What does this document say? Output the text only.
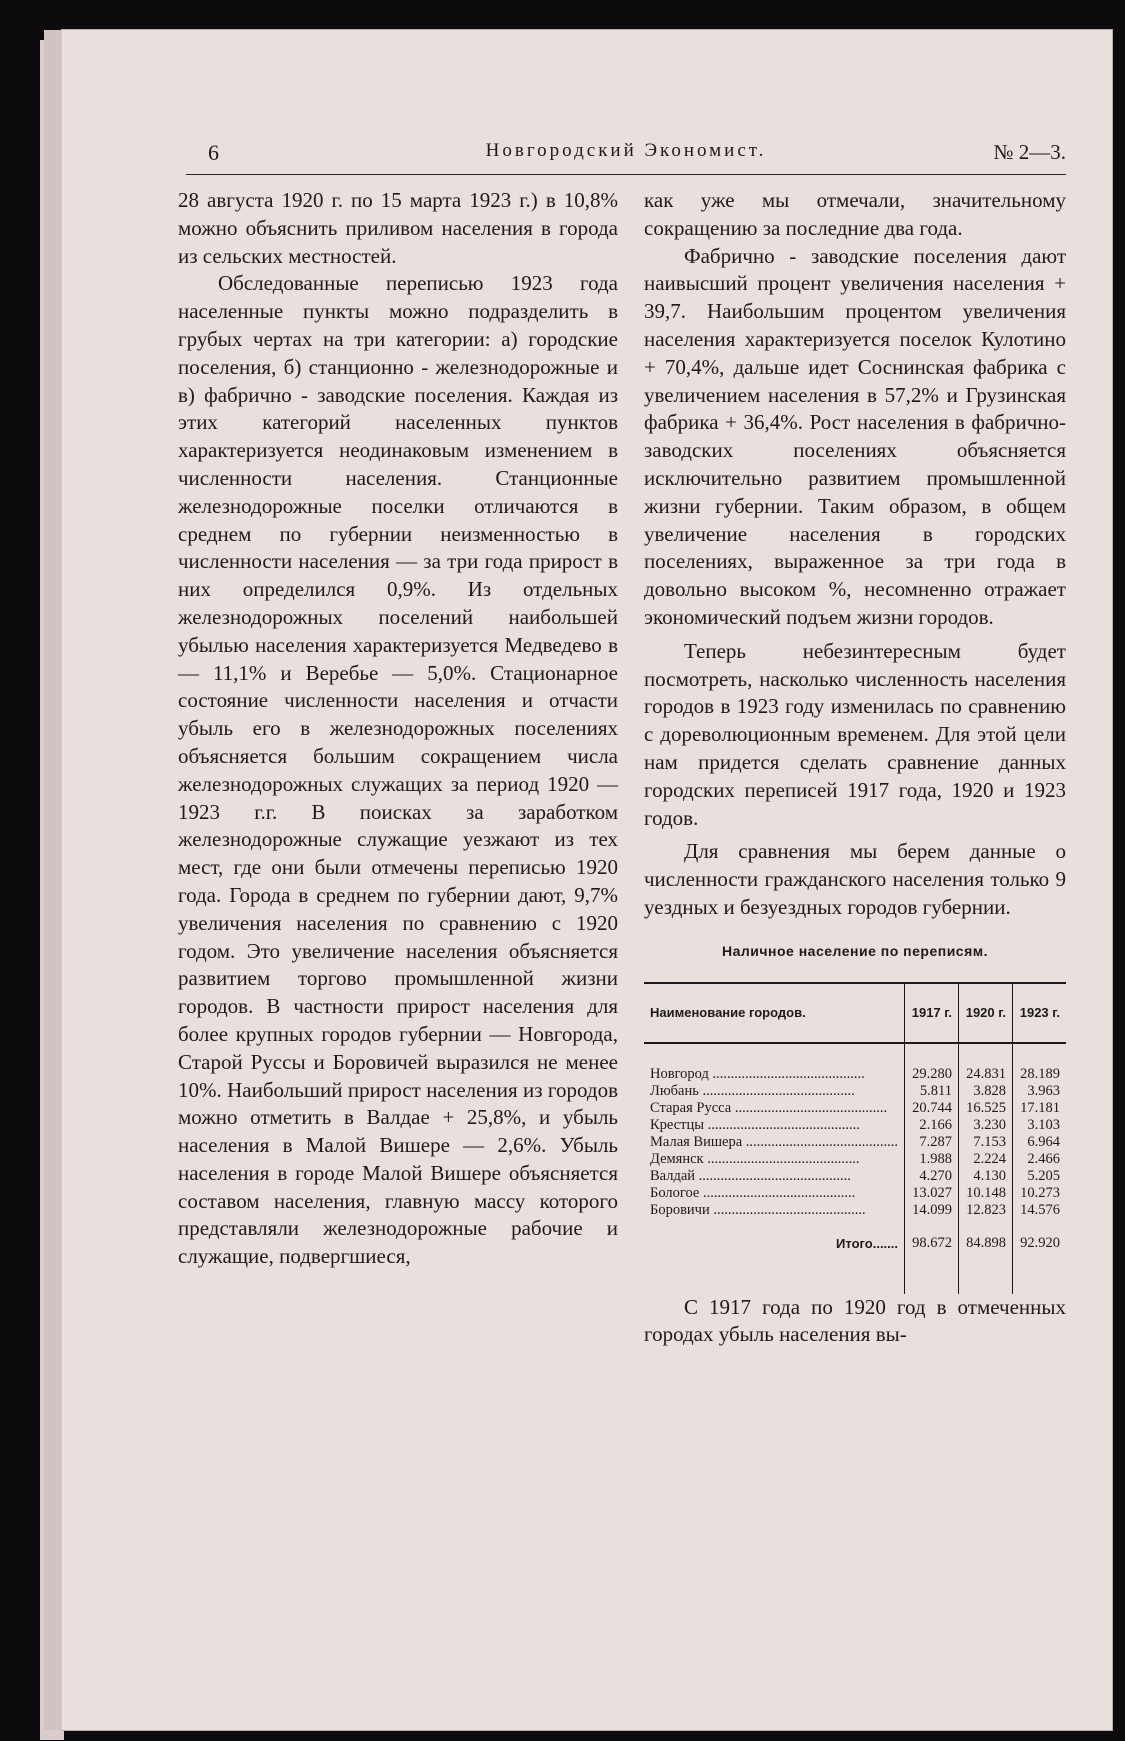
6	Новгородский Экономист.	№ 2—3.

28 августа 1920 г. по 15 марта 1923 г.) в 10,8% можно объяснить приливом населения в города из сельских местностей.

Обследованные переписью 1923 года населенные пункты можно подразделить в грубых чертах на три категории: а) городские поселения, б) станционно - железнодорожные и в) фабрично - заводские поселения. Каждая из этих категорий населенных пунктов характеризуется неодинаковым изменением в численности населения. Станционные железнодорожные поселки отличаются в среднем по губернии неизменностью в численности населения — за три года прирост в них определился 0,9%. Из отдельных железнодорожных поселений наибольшей убылью населения характеризуется Медведево в — 11,1% и Веребье — 5,0%. Стационарное состояние численности населения и отчасти убыль его в железнодорожных поселениях объясняется большим сокращением числа железнодорожных служащих за период 1920 — 1923 г.г. В поисках за заработком железнодорожные служащие уезжают из тех мест, где они были отмечены переписью 1920 года. Города в среднем по губернии дают, 9,7% увеличения населения по сравнению с 1920 годом. Это увеличение населения объясняется развитием торгово промышленной жизни городов. В частности прирост населения для более крупных городов губернии — Новгорода, Старой Руссы и Боровичей выразился не менее 10%. Наибольший прирост населения из городов можно отметить в Валдае + 25,8%, и убыль населения в Малой Вишере — 2,6%. Убыль населения в городе Малой Вишере объясняется составом населения, главную массу которого представляли железнодорожные рабочие и служащие, подвергшиеся,

как уже мы отмечали, значительному сокращению за последние два года.

Фабрично - заводские поселения дают наивысший процент увеличения населения + 39,7. Наибольшим процентом увеличения населения характеризуется поселок Кулотино + 70,4%, дальше идет Соснинская фабрика с увеличением населения в 57,2% и Грузинская фабрика + 36,4%. Рост населения в фабрично-заводских поселениях объясняется исключительно развитием промышленной жизни губернии. Таким образом, в общем увеличение населения в городских поселениях, выраженное за три года в довольно высоком %, несомненно отражает экономический подъем жизни городов.

Теперь небезинтересным будет посмотреть, насколько численность населения городов в 1923 году изменилась по сравнению с дореволюционным временем. Для этой цели нам придется сделать сравнение данных городских переписей 1917 года, 1920 и 1923 годов.

Для сравнения мы берем данные о численности гражданского населения только 9 уездных и безуездных городов губернии.

Наличное население по переписям.
Наименование городов.	1917 г.	1920 г.	1923 г.

Новгород ..........................................	29.280	24.831	28.189
Любань ..........................................	5.811	3.828	3.963
Старая Русса ..........................................	20.744	16.525	17.181
Крестцы ..........................................	2.166	3.230	3.103
Малая Вишера ..........................................	7.287	7.153	6.964
Демянск ..........................................	1.988	2.224	2.466
Валдай ..........................................	4.270	4.130	5.205
Бологое ..........................................	13.027	10.148	10.273
Боровичи ..........................................	14.099	12.823	14.576
Итого.......	98.672	84.898	92.920

С 1917 года по 1920 год в отмеченных городах убыль населения вы-
